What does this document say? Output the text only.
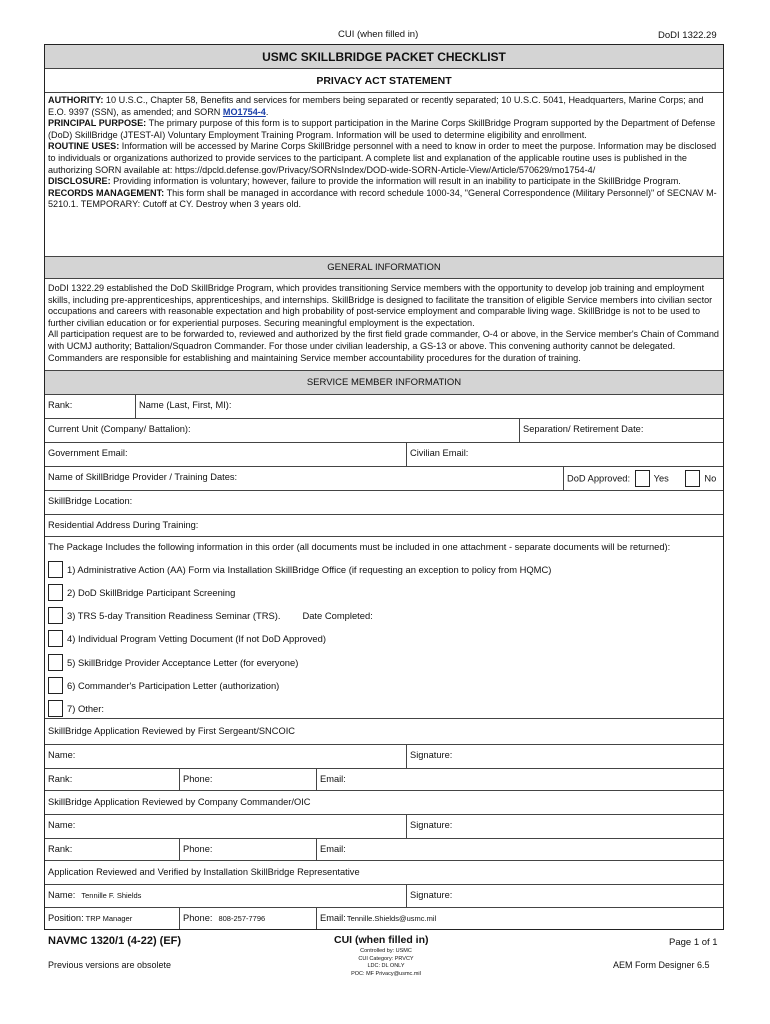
CUI (when filled in)	DoDI 1322.29
USMC SKILLBRIDGE PACKET CHECKLIST
PRIVACY ACT STATEMENT
AUTHORITY: 10 U.S.C., Chapter 58, Benefits and services for members being separated or recently separated; 10 U.S.C. 5041, Headquarters, Marine Corps; and E.O. 9397 (SSN), as amended; and SORN MO1754-4.
PRINCIPAL PURPOSE: The primary purpose of this form is to support participation in the Marine Corps SkillBridge Program supported by the Department of Defense (DoD) SkillBridge (JTEST-AI) Voluntary Employment Training Program. Information will be used to determine eligibility and enrollment.
ROUTINE USES: Information will be accessed by Marine Corps SkillBridge personnel with a need to know in order to meet the purpose. Information may be disclosed to individuals or organizations authorized to provide services to the participant. A complete list and explanation of the applicable routine uses is published in the authorizing SORN available at: https://dpcld.defense.gov/Privacy/SORNsIndex/DOD-wide-SORN-Article-View/Article/570629/mo1754-4/
DISCLOSURE: Providing information is voluntary; however, failure to provide the information will result in an inability to participate in the SkillBridge Program.
RECORDS MANAGEMENT: This form shall be managed in accordance with record schedule 1000-34, "General Correspondence (Military Personnel)" of SECNAV M-5210.1. TEMPORARY: Cutoff at CY. Destroy when 3 years old.
GENERAL INFORMATION
DoDI 1322.29 established the DoD SkillBridge Program, which provides transitioning Service members with the opportunity to develop job training and employment skills, including pre-apprenticeships, apprenticeships, and internships. SkillBridge is designed to facilitate the transition of eligible Service members into civilian sector occupations and careers with reasonable expectation and high probability of post-service employment and comparable living wage. SkillBridge is not to be used to further civilian education or for experiential purposes. Securing meaningful employment is the expectation.
All participation request are to be forwarded to, reviewed and authorized by the first field grade commander, O-4 or above, in the Service member's Chain of Command with UCMJ authority; Battalion/Squadron Commander. For those under civilian leadership, a GS-13 or above. This convening authority cannot be delegated. Commanders are responsible for establishing and maintaining Service member accountability procedures for the duration of training.
SERVICE MEMBER INFORMATION
Rank:	Name (Last, First, MI):
Current Unit (Company/ Battalion):	Separation/ Retirement Date:
Government Email:	Civilian Email:
Name of SkillBridge Provider / Training Dates:	DoD Approved:	Yes	No
SkillBridge Location:
Residential Address During Training:
The Package Includes the following information in this order (all documents must be included in one attachment - separate documents will be returned):
1) Administrative Action (AA) Form via Installation SkillBridge Office (if requesting an exception to policy from HQMC)
2) DoD SkillBridge Participant Screening
3) TRS 5-day Transition Readiness Seminar (TRS). Date Completed:
4) Individual Program Vetting Document (If not DoD Approved)
5) SkillBridge Provider Acceptance Letter (for everyone)
6) Commander's Participation Letter (authorization)
7) Other:
SkillBridge Application Reviewed by First Sergeant/SNCOIC
Name:	Signature:
Rank:	Phone:	Email:
SkillBridge Application Reviewed by Company Commander/OIC
Name:	Signature:
Rank:	Phone:	Email:
Application Reviewed and Verified by Installation SkillBridge Representative
Name: Tennille F. Shields	Signature:
Position: TRP Manager	Phone: 808-257-7796	Email:Tennille.Shields@usmc.mil
NAVMC 1320/1 (4-22) (EF)
Previous versions are obsolete
CUI (when filled in)
Controlled by: USMC
CUI Category: PRVCY
LDC: DL ONLY
POC: MF Privacy@usmc.mil
Page 1 of 1
AEM Form Designer 6.5
